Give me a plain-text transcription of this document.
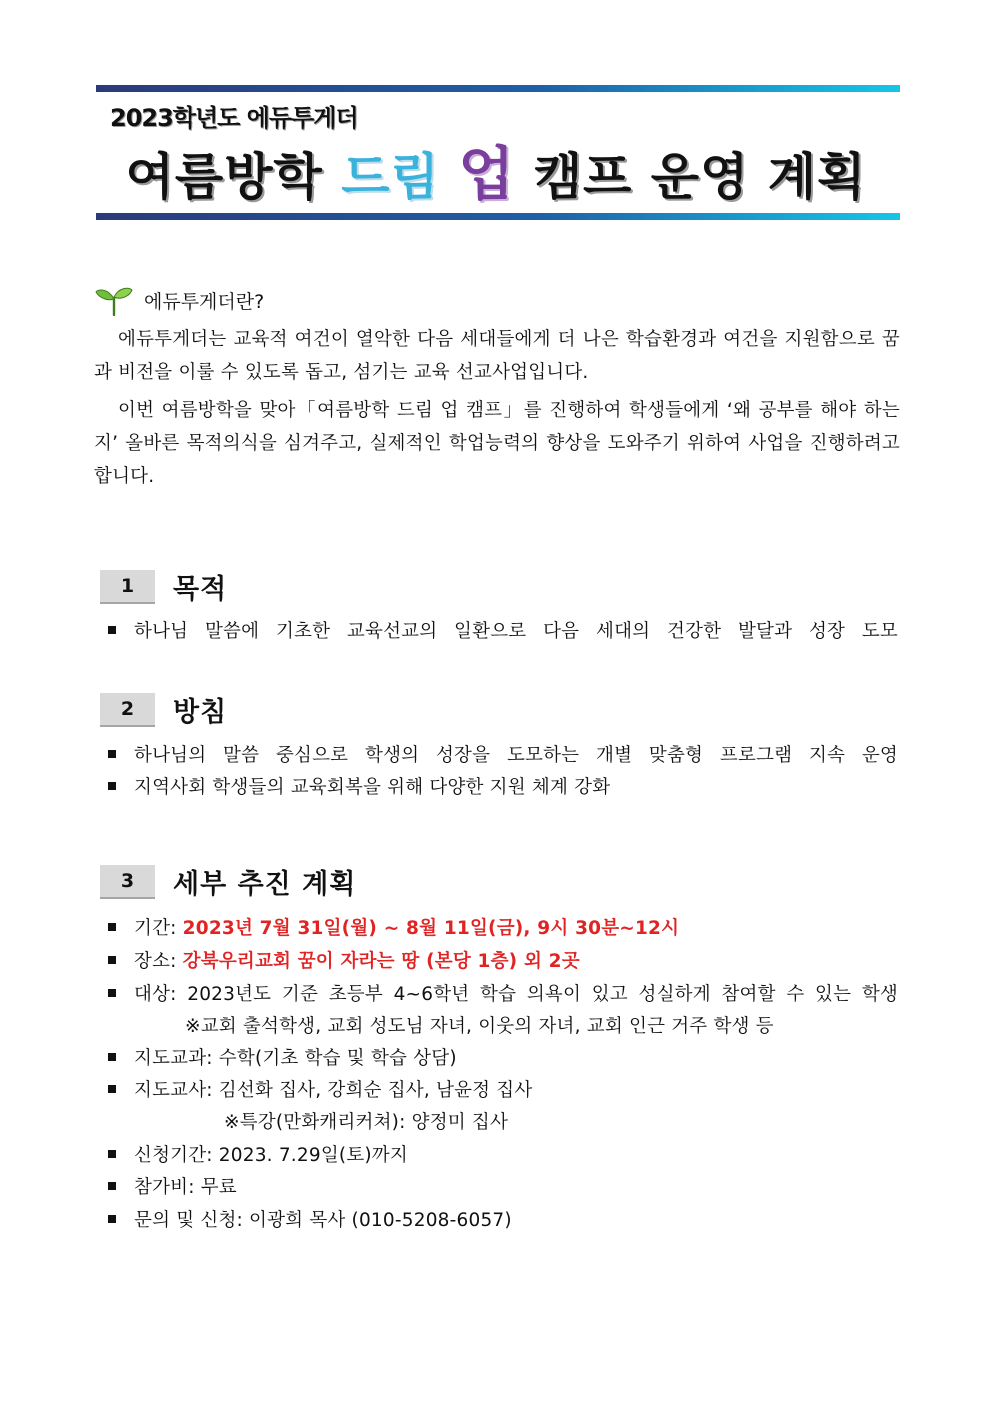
2023학년도 에듀투게더
여름방학 드림 업 캠프 운영 계획
에듀투게더란?
에듀투게더는 교육적 여건이 열악한 다음 세대들에게 더 나은 학습환경과 여건을 지원함으로 꿈과 비전을 이룰 수 있도록 돕고, 섬기는 교육 선교사업입니다.
이번 여름방학을 맞아「여름방학 드림 업 캠프」를 진행하여 학생들에게 ‘왜 공부를 해야 하는지’ 올바른 목적의식을 심겨주고, 실제적인 학업능력의 향상을 도와주기 위하여 사업을 진행하려고 합니다.
1	목적
하나님 말씀에 기초한 교육선교의 일환으로 다음 세대의 건강한 발달과 성장 도모
2	방침
하나님의 말씀 중심으로 학생의 성장을 도모하는 개별 맞춤형 프로그램 지속 운영
지역사회 학생들의 교육회복을 위해 다양한 지원 체계 강화
3	세부 추진 계획
기간:
2023년 7월 31일(월) ~ 8월 11일(금), 9시 30분~12시
장소:
강북우리교회 꿈이 자라는 땅 (본당 1층) 외 2곳
대상: 2023년도 기준 초등부 4~6학년 학습 의욕이 있고 성실하게 참여할 수 있는 학생
※교회 출석학생, 교회 성도님 자녀, 이웃의 자녀, 교회 인근 거주 학생 등
지도교과: 수학(기초 학습 및 학습 상담)
지도교사: 김선화 집사, 강희순 집사, 남윤정 집사
※특강(만화캐리커쳐): 양정미 집사
신청기간: 2023. 7.29일(토)까지
참가비: 무료
문의 및 신청: 이광희 목사 (010-5208-6057)
